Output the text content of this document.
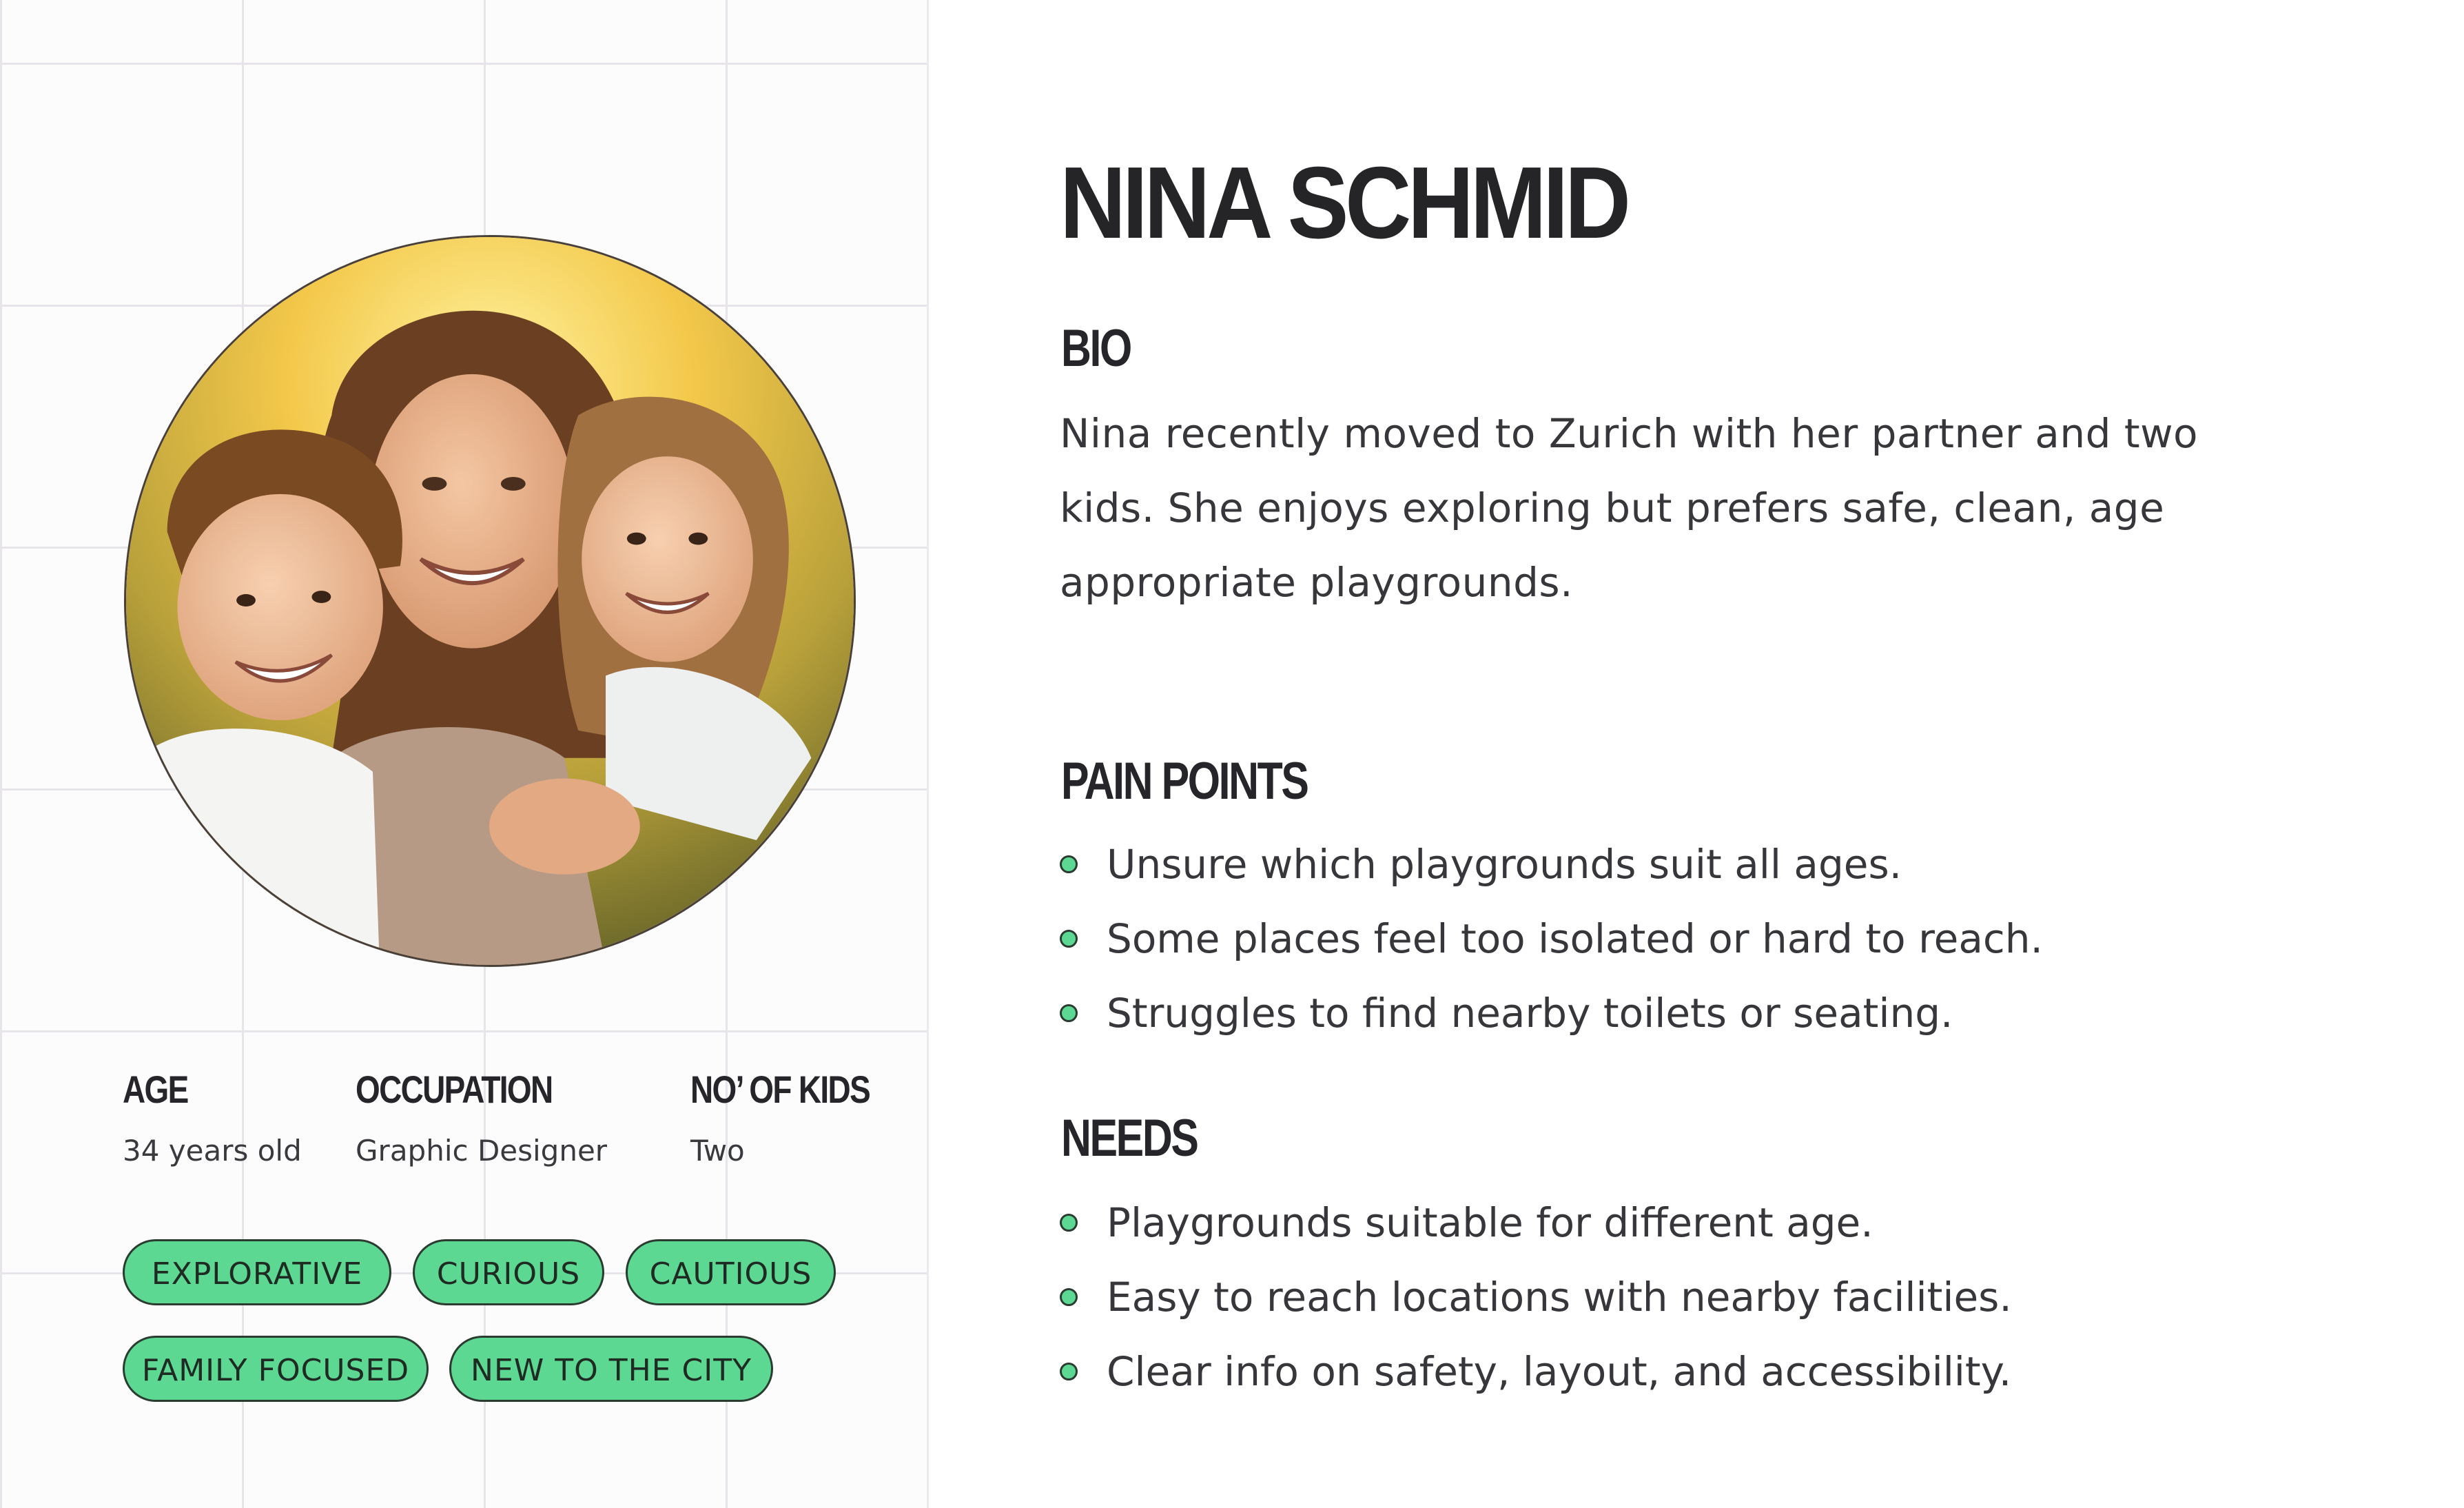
AGE
34 years old
OCCUPATION
Graphic Designer
NO’ OF KIDS
Two
EXPLORATIVE	CURIOUS	CAUTIOUS
FAMILY FOCUSED	NEW TO THE CITY
NINA SCHMID
BIO
Nina recently moved to Zurich with her partner and two kids. She enjoys exploring but prefers safe, clean, age appropriate playgrounds.
PAIN POINTS
Unsure which playgrounds suit all ages.
Some places feel too isolated or hard to reach.
Struggles to find nearby toilets or seating.
NEEDS
Playgrounds suitable for different age.
Easy to reach locations with nearby facilities.
Clear info on safety, layout, and accessibility.
